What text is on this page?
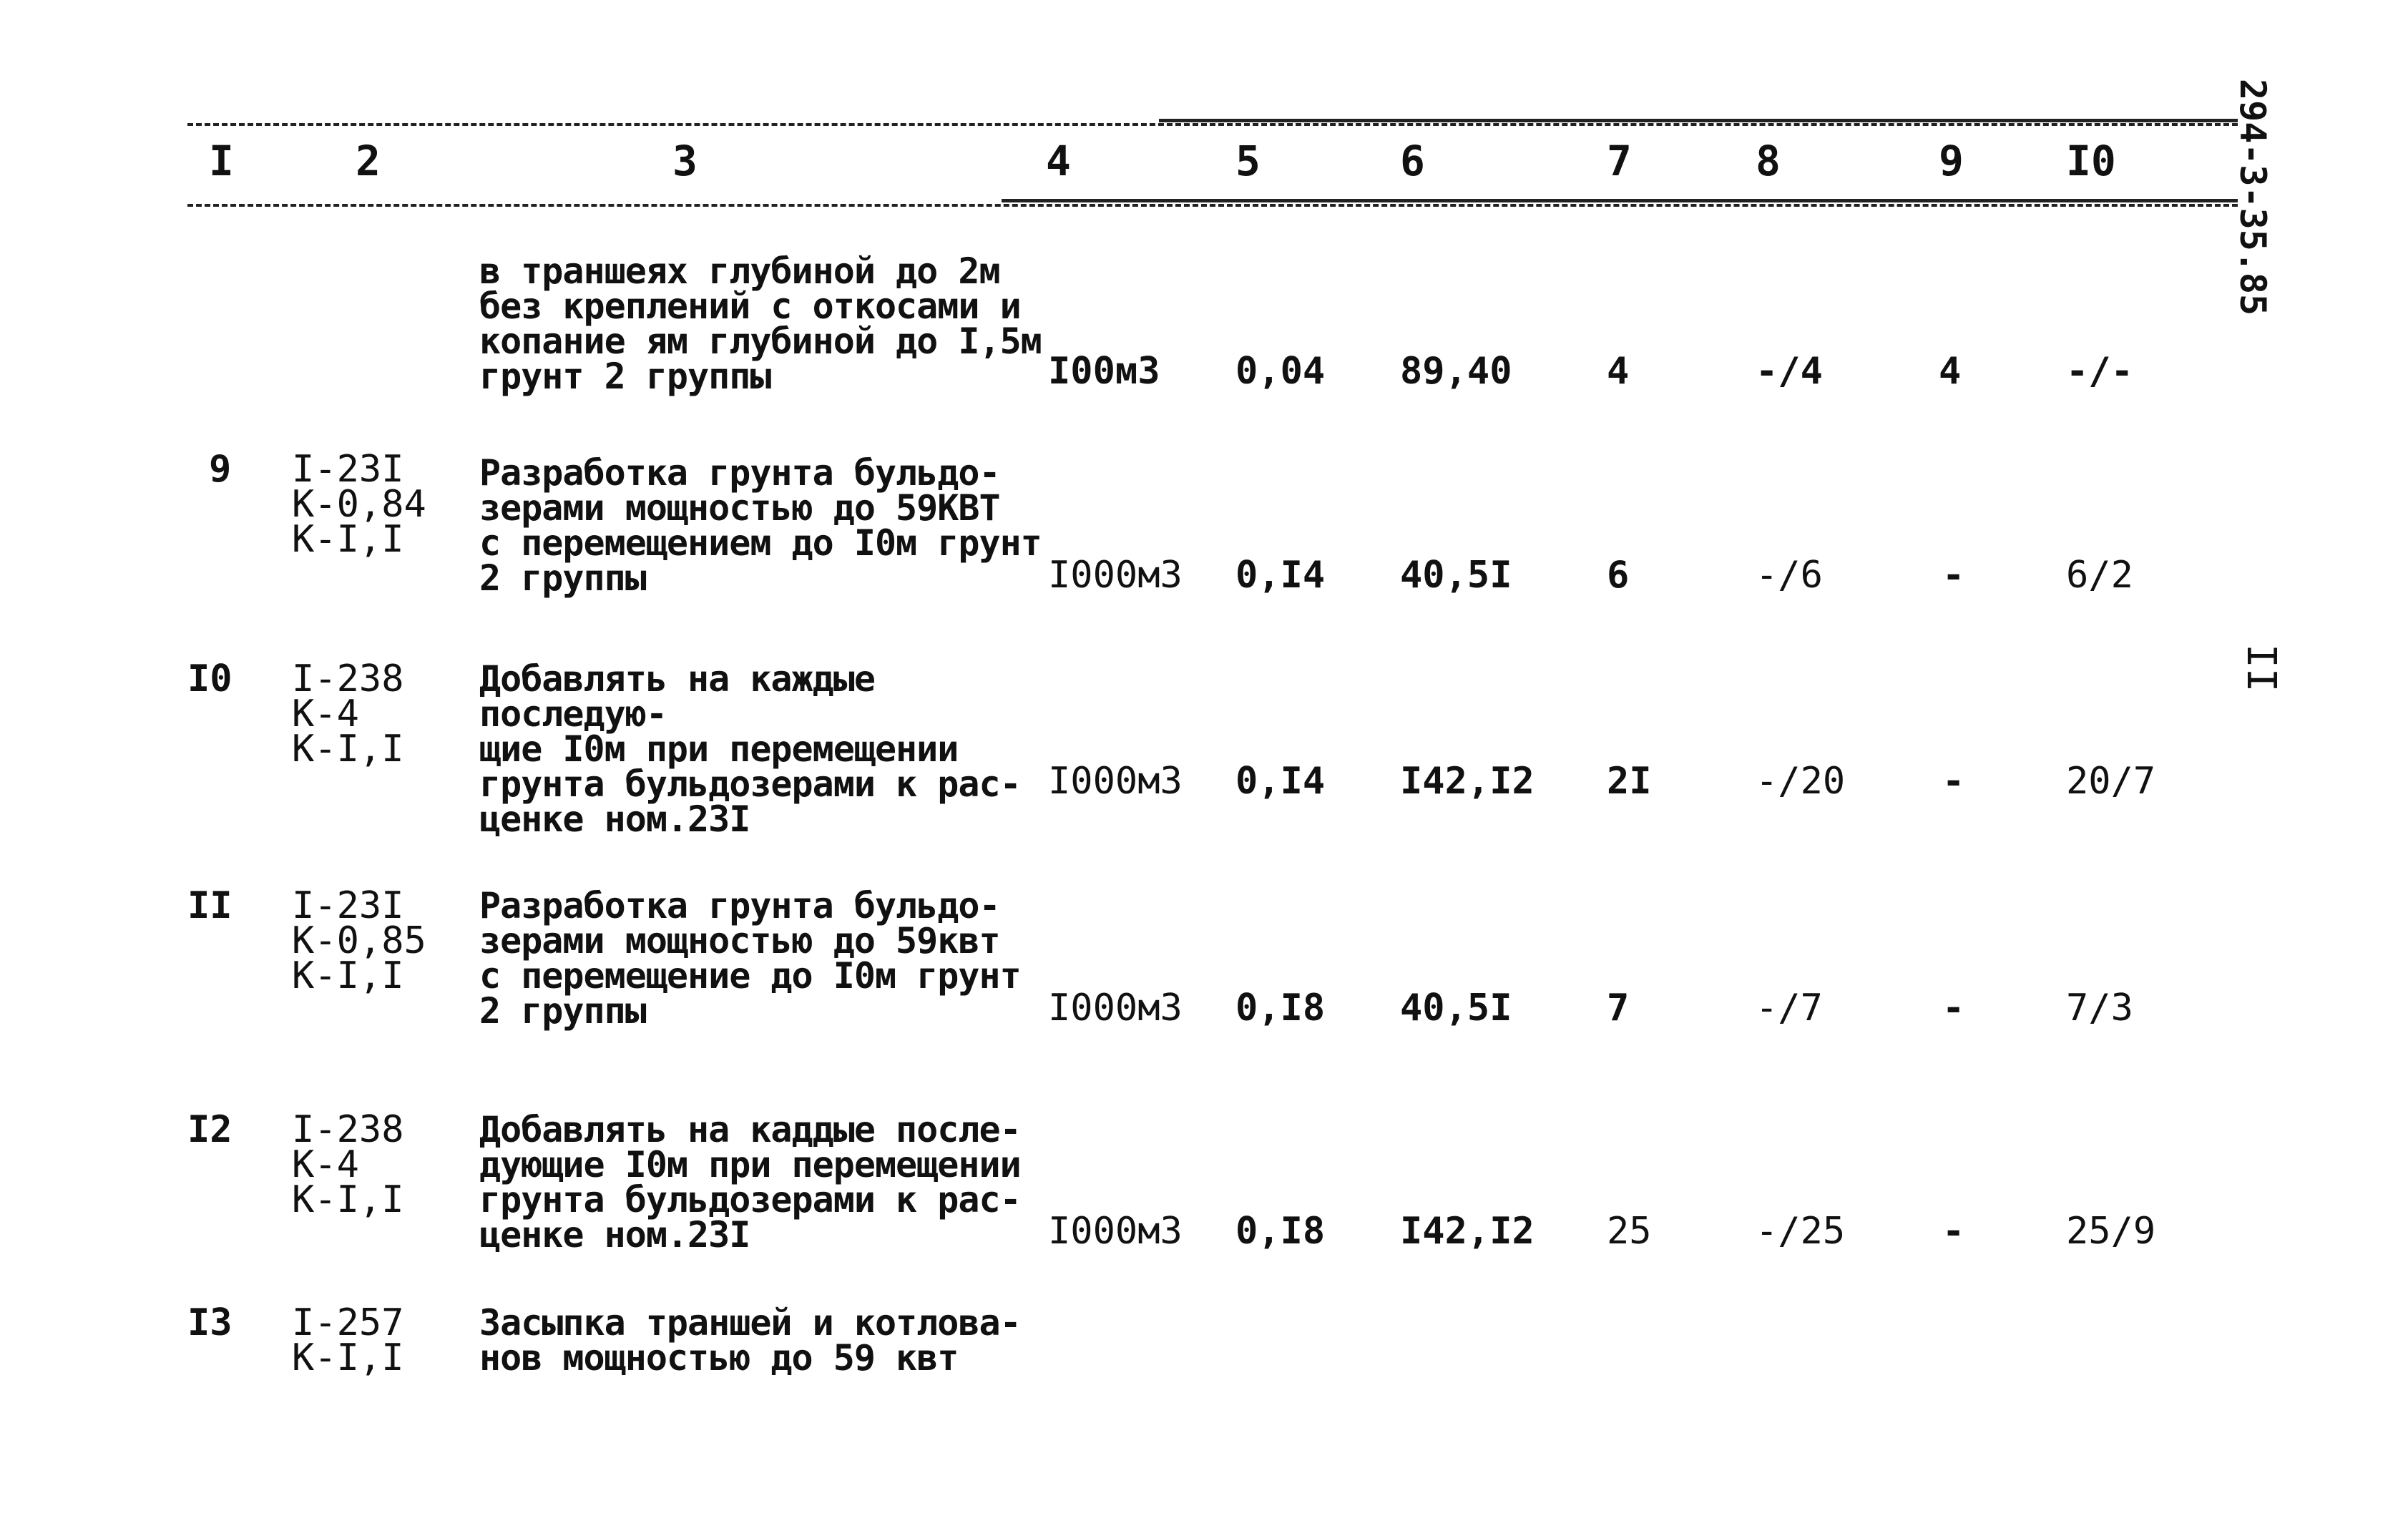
I	2	3	4	5	6	7	8	9 I0
в траншеях глубиной до 2м
без креплений с откосами и
копание ям глубиной до I,5м
грунт 2 группы	I00м3 0,04 89,40	4	-/4	4	-/-
9 I-23I
К-0,84
К-I,I
Разработка грунта бульдо-
зерами мощностью до 59КВТ
с перемещением до I0м грунт
2 группы	I000м3 0,I4 40,5I	6	-/6	-	6/2
I0 I-238
К-4
К-I,I
Добавлять на каждые последую-
щие I0м при перемещении
грунта бульдозерами к рас-
ценке ном.23I
I000м3 0,I4 I42,I2 2I	-/20	-	20/7
II I-23I
К-0,85
К-I,I
Разработка грунта бульдо-
зерами мощностью до 59квт
с перемещение до I0м грунт
2 группы	I000м3 0,I8 40,5I	7	-/7	-	7/3
I2 I-238
К-4
К-I,I
Добавлять на каддые после-
дующие I0м при перемещении
грунта бульдозерами к рас-
ценке ном.23I	I000м3 0,I8 I42,I2 25	-/25	-	25/9
I3 I-257
К-I,I
Засыпка траншей и котлова-
нов мощностью до 59 квт
294-3-35.85
II
